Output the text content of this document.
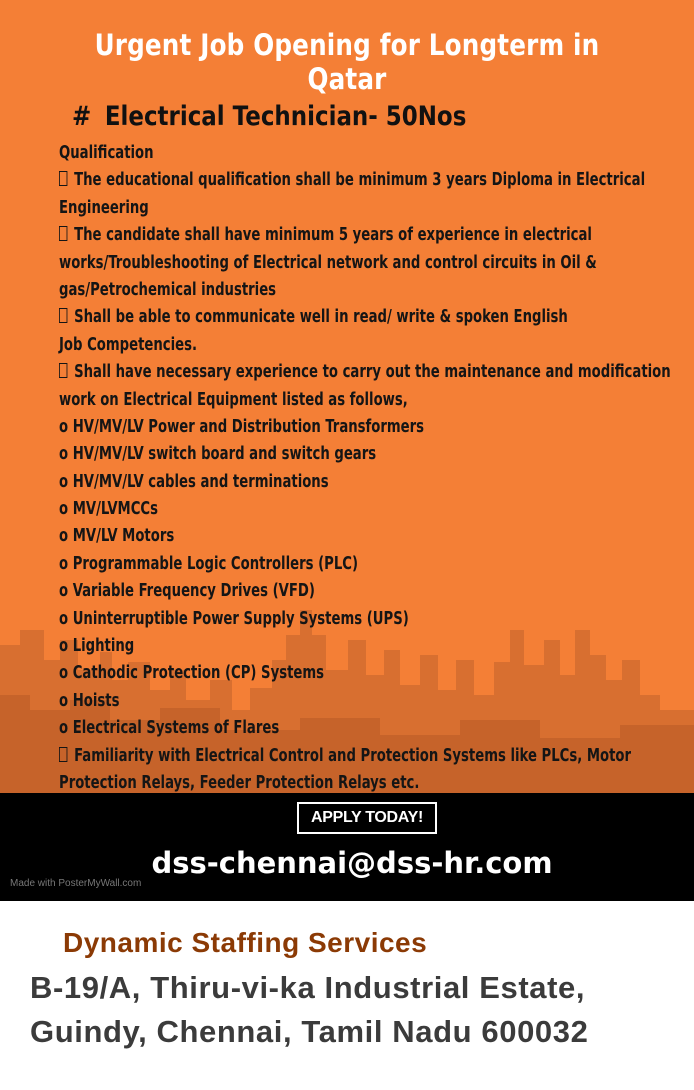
Urgent Job Opening for Longterm in Qatar
# Electrical Technician- 50Nos
Qualification
The educational qualification shall be minimum 3 years Diploma in Electrical
Engineering
The candidate shall have minimum 5 years of experience in electrical
works/Troubleshooting of Electrical network and control circuits in Oil &
gas/Petrochemical industries
Shall be able to communicate well in read/ write & spoken English
Job Competencies.
Shall have necessary experience to carry out the maintenance and modification
work on Electrical Equipment listed as follows,
o HV/MV/LV Power and Distribution Transformers
o HV/MV/LV switch board and switch gears
o HV/MV/LV cables and terminations
o MV/LVMCCs
o MV/LV Motors
o Programmable Logic Controllers (PLC)
o Variable Frequency Drives (VFD)
o Uninterruptible Power Supply Systems (UPS)
o Lighting
o Cathodic Protection (CP) Systems
o Hoists
o Electrical Systems of Flares
Familiarity with Electrical Control and Protection Systems like PLCs, Motor
Protection Relays, Feeder Protection Relays etc.
APPLY TODAY!
dss-chennai@dss-hr.com
Made with PosterMyWall.com
Dynamic Staffing Services
B-19/A, Thiru-vi-ka Industrial Estate,
Guindy, Chennai, Tamil Nadu 600032
